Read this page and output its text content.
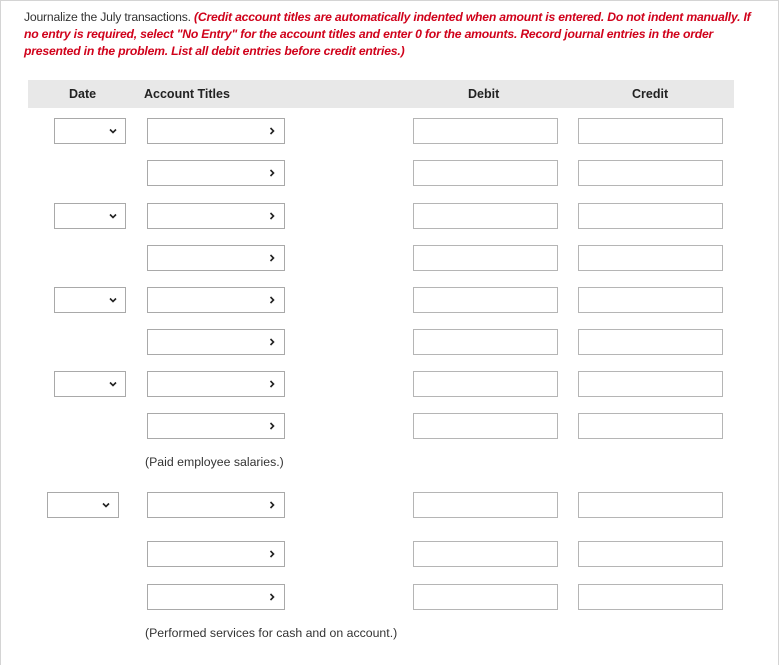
Journalize the July transactions. (Credit account titles are automatically indented when amount is entered. Do not indent manually. If no entry is required, select "No Entry" for the account titles and enter 0 for the amounts. Record journal entries in the order presented in the problem. List all debit entries before credit entries.)
Date	Account Titles	Debit	Credit
(Paid employee salaries.)
(Performed services for cash and on account.)
